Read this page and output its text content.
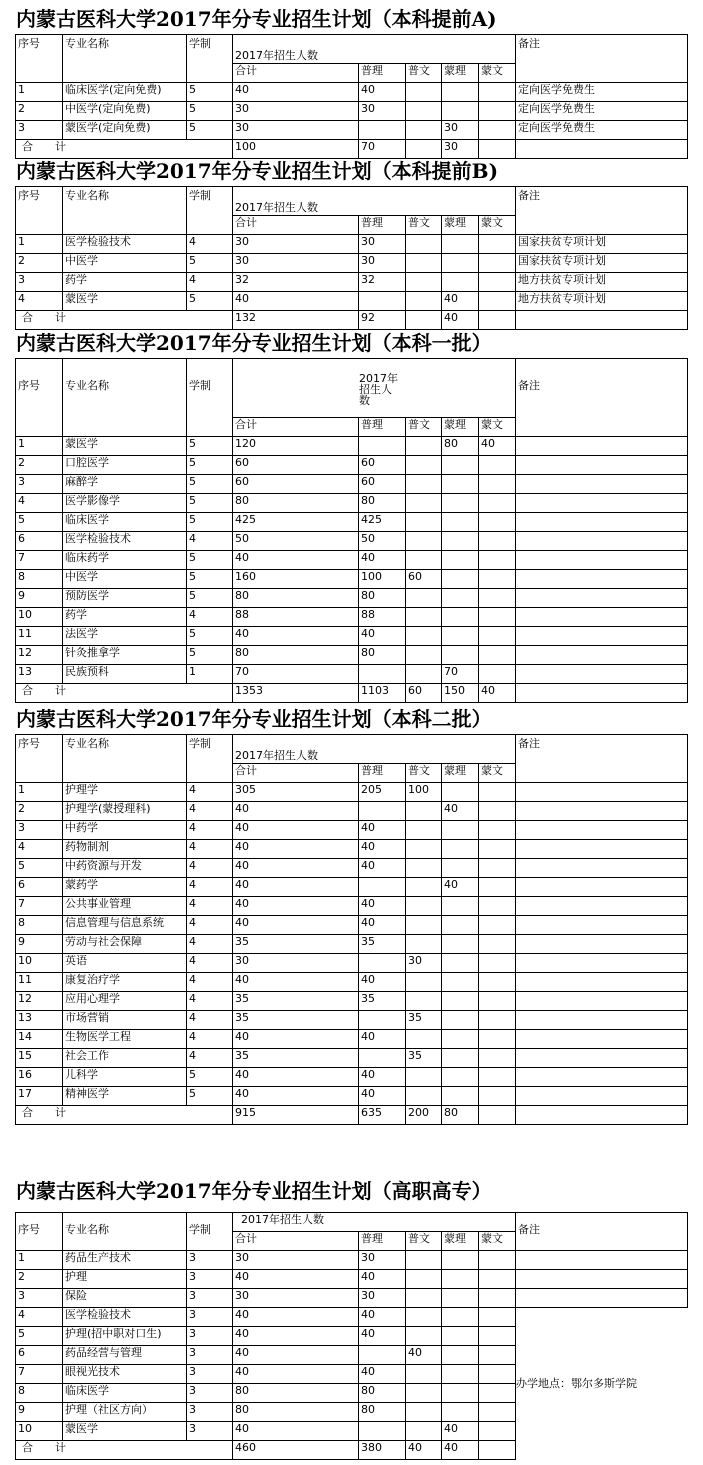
内蒙古医科大学2017年分专业招生计划（本科提前A)
序号	专业名称	学制	2017年招生人数					备注
			合计	普理	普文	蒙理	蒙文	
1	临床医学(定向免费)	5	40	40				定向医学免费生
2	中医学(定向免费)	5	30	30				定向医学免费生
3	蒙医学(定向免费)	5	30			30		定向医学免费生
合　　计			100	70		30		
内蒙古医科大学2017年分专业招生计划（本科提前B)
序号	专业名称	学制	2017年招生人数					备注
			合计	普理	普文	蒙理	蒙文	
1	医学检验技术	4	30	30				国家扶贫专项计划
2	中医学	5	30	30				国家扶贫专项计划
3	药学	4	32	32				地方扶贫专项计划
4	蒙医学	5	40			40		地方扶贫专项计划
合　　计			132	92		40		
内蒙古医科大学2017年分专业招生计划（本科一批）
序号	专业名称	学制	2017年
招生人
数					备注
			合计	普理	普文	蒙理	蒙文	
1	蒙医学	5	120			80	40	
2	口腔医学	5	60	60				
3	麻醉学	5	60	60				
4	医学影像学	5	80	80				
5	临床医学	5	425	425				
6	医学检验技术	4	50	50				
7	临床药学	5	40	40				
8	中医学	5	160	100	60			
9	预防医学	5	80	80				
10	药学	4	88	88				
11	法医学	5	40	40				
12	针灸推拿学	5	80	80				
13	民族预科	1	70			70		
合　　计			1353	1103	60	150	40	
内蒙古医科大学2017年分专业招生计划（本科二批）
序号	专业名称	学制	2017年招生人数					备注
			合计	普理	普文	蒙理	蒙文	
1	护理学	4	305	205	100			
2	护理学(蒙授理科)	4	40			40		
3	中药学	4	40	40				
4	药物制剂	4	40	40				
5	中药资源与开发	4	40	40				
6	蒙药学	4	40			40		
7	公共事业管理	4	40	40				
8	信息管理与信息系统	4	40	40				
9	劳动与社会保障	4	35	35				
10	英语	4	30		30			
11	康复治疗学	4	40	40				
12	应用心理学	4	35	35				
13	市场营销	4	35		35			
14	生物医学工程	4	40	40				
15	社会工作	4	35		35			
16	儿科学	5	40	40				
17	精神医学	5	40	40				
合　　计			915	635	200	80		
内蒙古医科大学2017年分专业招生计划（高职高专）
序号	专业名称	学制	2017年招生人数					备注
			合计	普理	普文	蒙理	蒙文	
1	药品生产技术	3	30	30				
2	护理	3	40	40				
3	保险	3	30	30				
4	医学检验技术	3	40	40				
5	护理(招中职对口生)	3	40	40				
6	药品经营与管理	3	40		40			
7	眼视光技术	3	40	40				
8	临床医学	3	80	80				
9	护理（社区方向）	3	80	80				
10	蒙医学	3	40			40		
合　　计			460	380	40	40		
办学地点：鄂尔多斯学院
